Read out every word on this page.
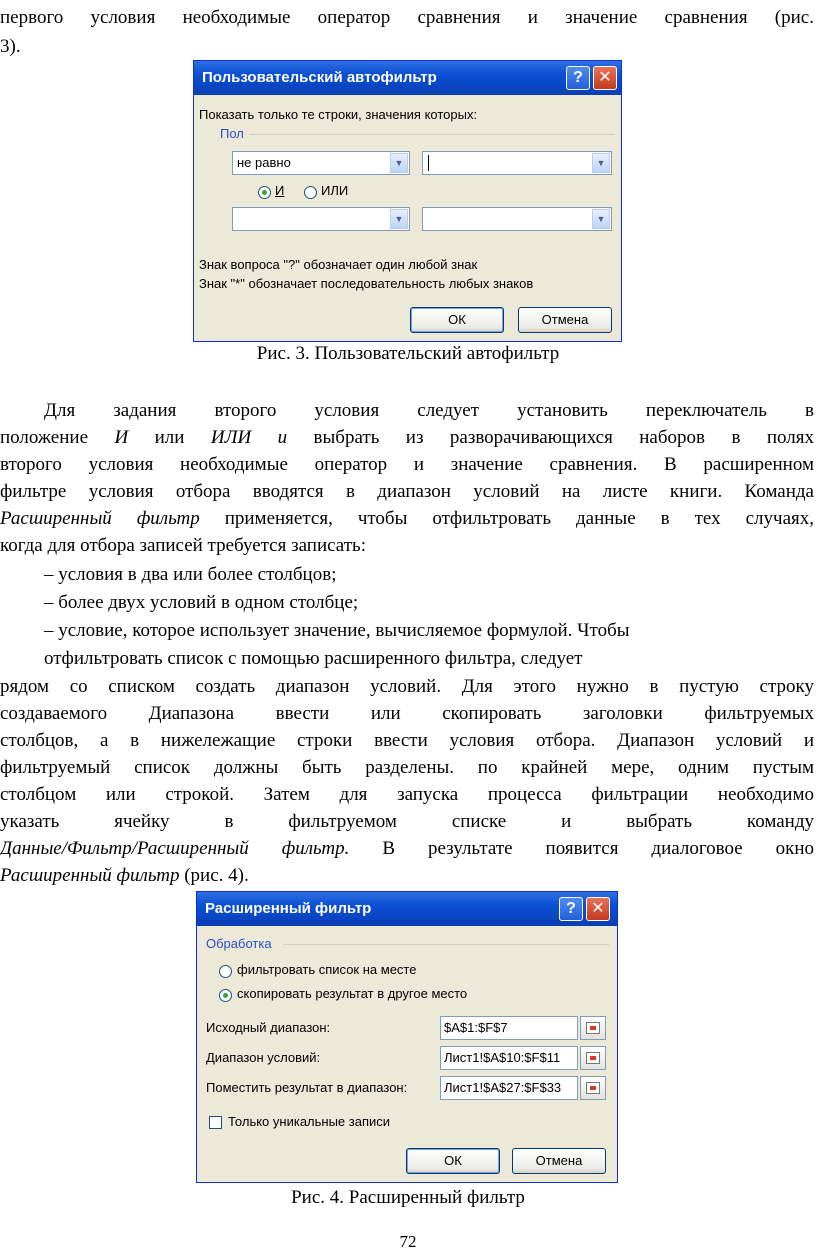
первого условия необходимые оператор сравнения и значение сравнения (рис.

3).

Пользовательский автофильтр	? ✕
Показать только те строки, значения которых:
Пол
не равно	▼	▼
И	ИЛИ
▼	▼
Знак вопроса "?" обозначает один любой знак
Знак "*" обозначает последовательность любых знаков
ОК	Отмена
Рис. 3. Пользовательский автофильтр

Для задания второго условия следует установить переключатель в

положение И или ИЛИ и выбрать из разворачивающихся наборов в полях

второго условия необходимые оператор и значение сравнения. В расширенном

фильтре условия отбора вводятся в диапазон условий на листе книги. Команда

Расширенный фильтр применяется, чтобы отфильтровать данные в тех случаях,

когда для отбора записей требуется записать:

– условия в два или более столбцов;

– более двух условий в одном столбце;

– условие, которое использует значение, вычисляемое формулой. Чтобы

отфильтровать список с помощью расширенного фильтра, следует

рядом со списком создать диапазон условий. Для этого нужно в пустую строку

создаваемого Диапазона ввести или скопировать заголовки фильтруемых

столбцов, а в нижележащие строки ввести условия отбора. Диапазон условий и

фильтруемый список должны быть разделены. по крайней мере, одним пустым

столбцом или строкой. Затем для запуска процесса фильтрации необходимо

указать ячейку в фильтруемом списке и выбрать команду

Данные/Фильтр/Расширенный фильтр. В результате появится диалоговое окно

Расширенный фильтр (рис. 4).

Расширенный фильтр	? ✕
Обработка
фильтровать список на месте
скопировать результат в другое место
Исходный диапазон:	$A$1:$F$7
Диапазон условий:	Лист1!$A$10:$F$11
Поместить результат в диапазон:	Лист1!$A$27:$F$33
Только уникальные записи
ОК	Отмена
Рис. 4. Расширенный фильтр
72
